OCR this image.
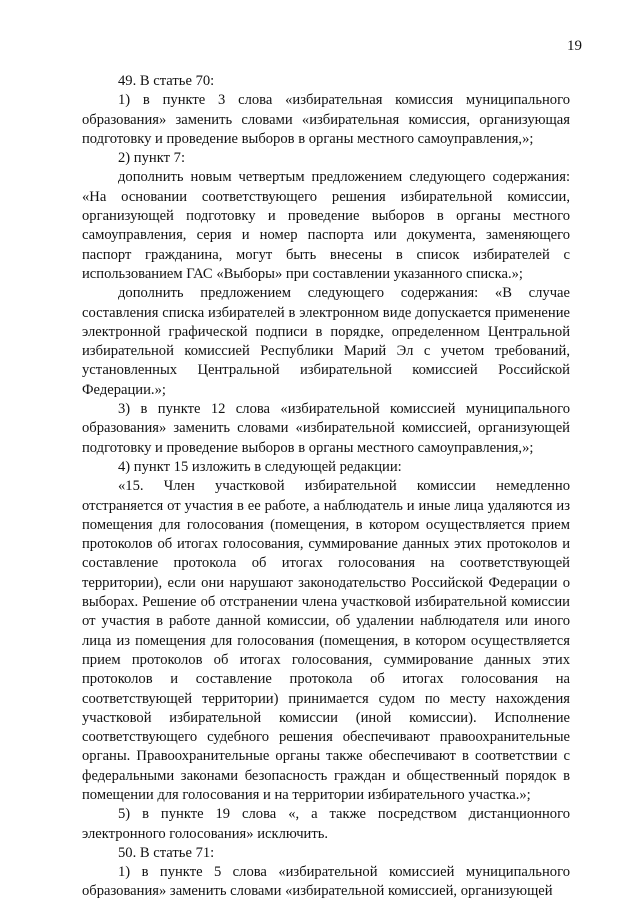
19

49. В статье 70:

1) в пункте 3 слова «избирательная комиссия муниципального образования» заменить словами «избирательная комиссия, организующая подготовку и проведение выборов в органы местного самоуправления,»;

2) пункт 7:

дополнить новым четвертым предложением следующего содержания: «На основании соответствующего решения избирательной комиссии, организующей подготовку и проведение выборов в органы местного самоуправления, серия и номер паспорта или документа, заменяющего паспорт гражданина, могут быть внесены в список избирателей с использованием ГАС «Выборы» при составлении указанного списка.»;

дополнить предложением следующего содержания: «В случае составления списка избирателей в электронном виде допускается применение электронной графической подписи в порядке, определенном Центральной избирательной комиссией Республики Марий Эл с учетом требований, установленных Центральной избирательной комиссией Российской Федерации.»;

3) в пункте 12 слова «избирательной комиссией муниципального образования» заменить словами «избирательной комиссией, организующей подготовку и проведение выборов в органы местного самоуправления,»;

4) пункт 15 изложить в следующей редакции:

«15. Член участковой избирательной комиссии немедленно отстраняется от участия в ее работе, а наблюдатель и иные лица удаляются из помещения для голосования (помещения, в котором осуществляется прием протоколов об итогах голосования, суммирование данных этих протоколов и составление протокола об итогах голосования на соответствующей территории), если они нарушают законодательство Российской Федерации о выборах. Решение об отстранении члена участковой избирательной комиссии от участия в работе данной комиссии, об удалении наблюдателя или иного лица из помещения для голосования (помещения, в котором осуществляется прием протоколов об итогах голосования, суммирование данных этих протоколов и составление протокола об итогах голосования на соответствующей территории) принимается судом по месту нахождения участковой избирательной комиссии (иной комиссии). Исполнение соответствующего судебного решения обеспечивают правоохранительные органы. Правоохранительные органы также обеспечивают в соответствии с федеральными законами безопасность граждан и общественный порядок в помещении для голосования и на территории избирательного участка.»;

5) в пункте 19 слова «, а также посредством дистанционного электронного голосования» исключить.

50. В статье 71:

1) в пункте 5 слова «избирательной комиссией муниципального образования» заменить словами «избирательной комиссией, организующей
